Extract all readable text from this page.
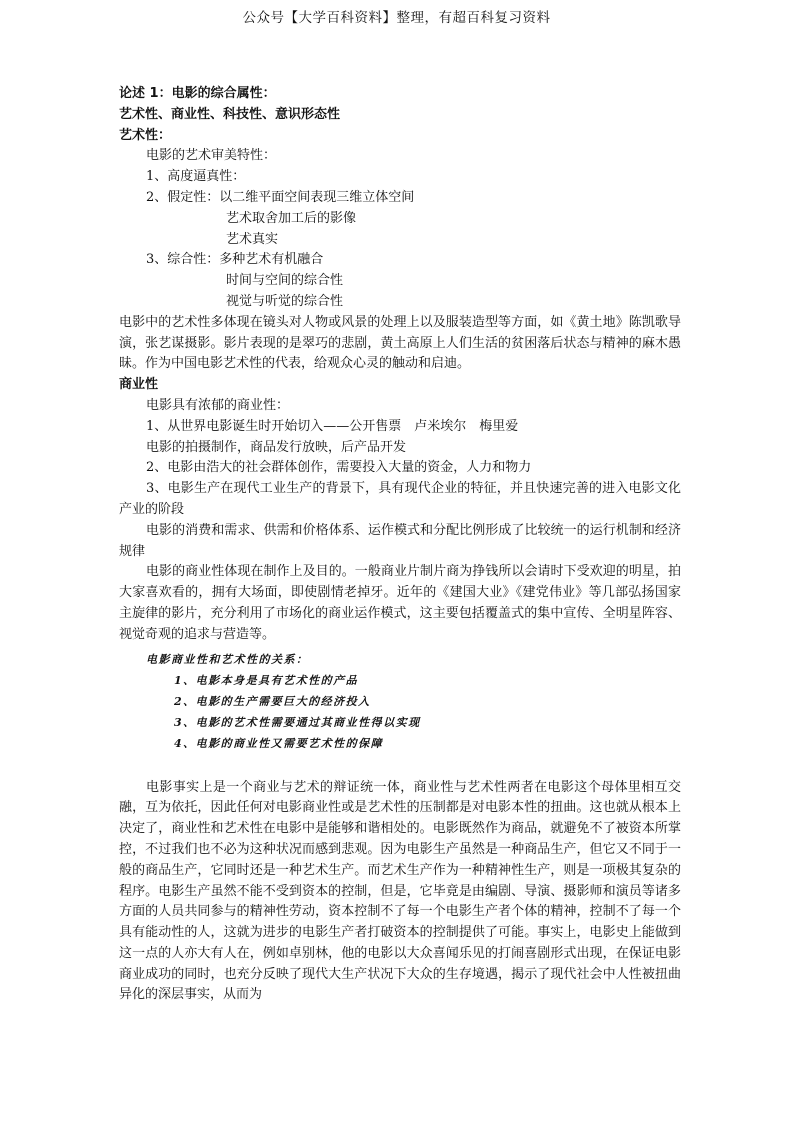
公众号【大学百科资料】整理，有超百科复习资料
论述 1：电影的综合属性：
艺术性、商业性、科技性、意识形态性
艺术性：
电影的艺术审美特性：
1、高度逼真性：
2、假定性： 以二维平面空间表现三维立体空间
艺术取舍加工后的影像
艺术真实
3、综合性： 多种艺术有机融合
时间与空间的综合性
视觉与听觉的综合性
电影中的艺术性多体现在镜头对人物或风景的处理上以及服装造型等方面，如《黄土地》陈凯歌导演，张艺谋摄影。影片表现的是翠巧的悲剧，黄土高原上人们生活的贫困落后状态与精神的麻木愚昧。作为中国电影艺术性的代表，给观众心灵的触动和启迪。
商业性
电影具有浓郁的商业性：
1、从世界电影诞生时开始切入——公开售票　卢米埃尔　梅里爱
电影的拍摄制作，商品发行放映，后产品开发
2、电影由浩大的社会群体创作，需要投入大量的资金，人力和物力
3、电影生产在现代工业生产的背景下，具有现代企业的特征，并且快速完善的进入电影文化产业的阶段
电影的消费和需求、供需和价格体系、运作模式和分配比例形成了比较统一的运行机制和经济规律
电影的商业性体现在制作上及目的。一般商业片制片商为挣钱所以会请时下受欢迎的明星，拍大家喜欢看的，拥有大场面，即使剧情老掉牙。近年的《建国大业》《建党伟业》等几部弘扬国家主旋律的影片，充分利用了市场化的商业运作模式，这主要包括覆盖式的集中宣传、全明星阵容、视觉奇观的追求与营造等。
电影商业性和艺术性的关系：
1、电影本身是具有艺术性的产品
2、电影的生产需要巨大的经济投入
3、电影的艺术性需要通过其商业性得以实现
4、电影的商业性又需要艺术性的保障
电影事实上是一个商业与艺术的辩证统一体，商业性与艺术性两者在电影这个母体里相互交融，互为依托，因此任何对电影商业性或是艺术性的压制都是对电影本性的扭曲。这也就从根本上决定了，商业性和艺术性在电影中是能够和谐相处的。电影既然作为商品，就避免不了被资本所掌控，不过我们也不必为这种状况而感到悲观。因为电影生产虽然是一种商品生产，但它又不同于一般的商品生产，它同时还是一种艺术生产。而艺术生产作为一种精神性生产，则是一项极其复杂的程序。电影生产虽然不能不受到资本的控制，但是，它毕竟是由编剧、导演、摄影师和演员等诸多方面的人员共同参与的精神性劳动，资本控制不了每一个电影生产者个体的精神，控制不了每一个具有能动性的人，这就为进步的电影生产者打破资本的控制提供了可能。事实上，电影史上能做到这一点的人亦大有人在，例如卓别林，他的电影以大众喜闻乐见的打闹喜剧形式出现，在保证电影商业成功的同时，也充分反映了现代大生产状况下大众的生存境遇，揭示了现代社会中人性被扭曲异化的深层事实，从而为
